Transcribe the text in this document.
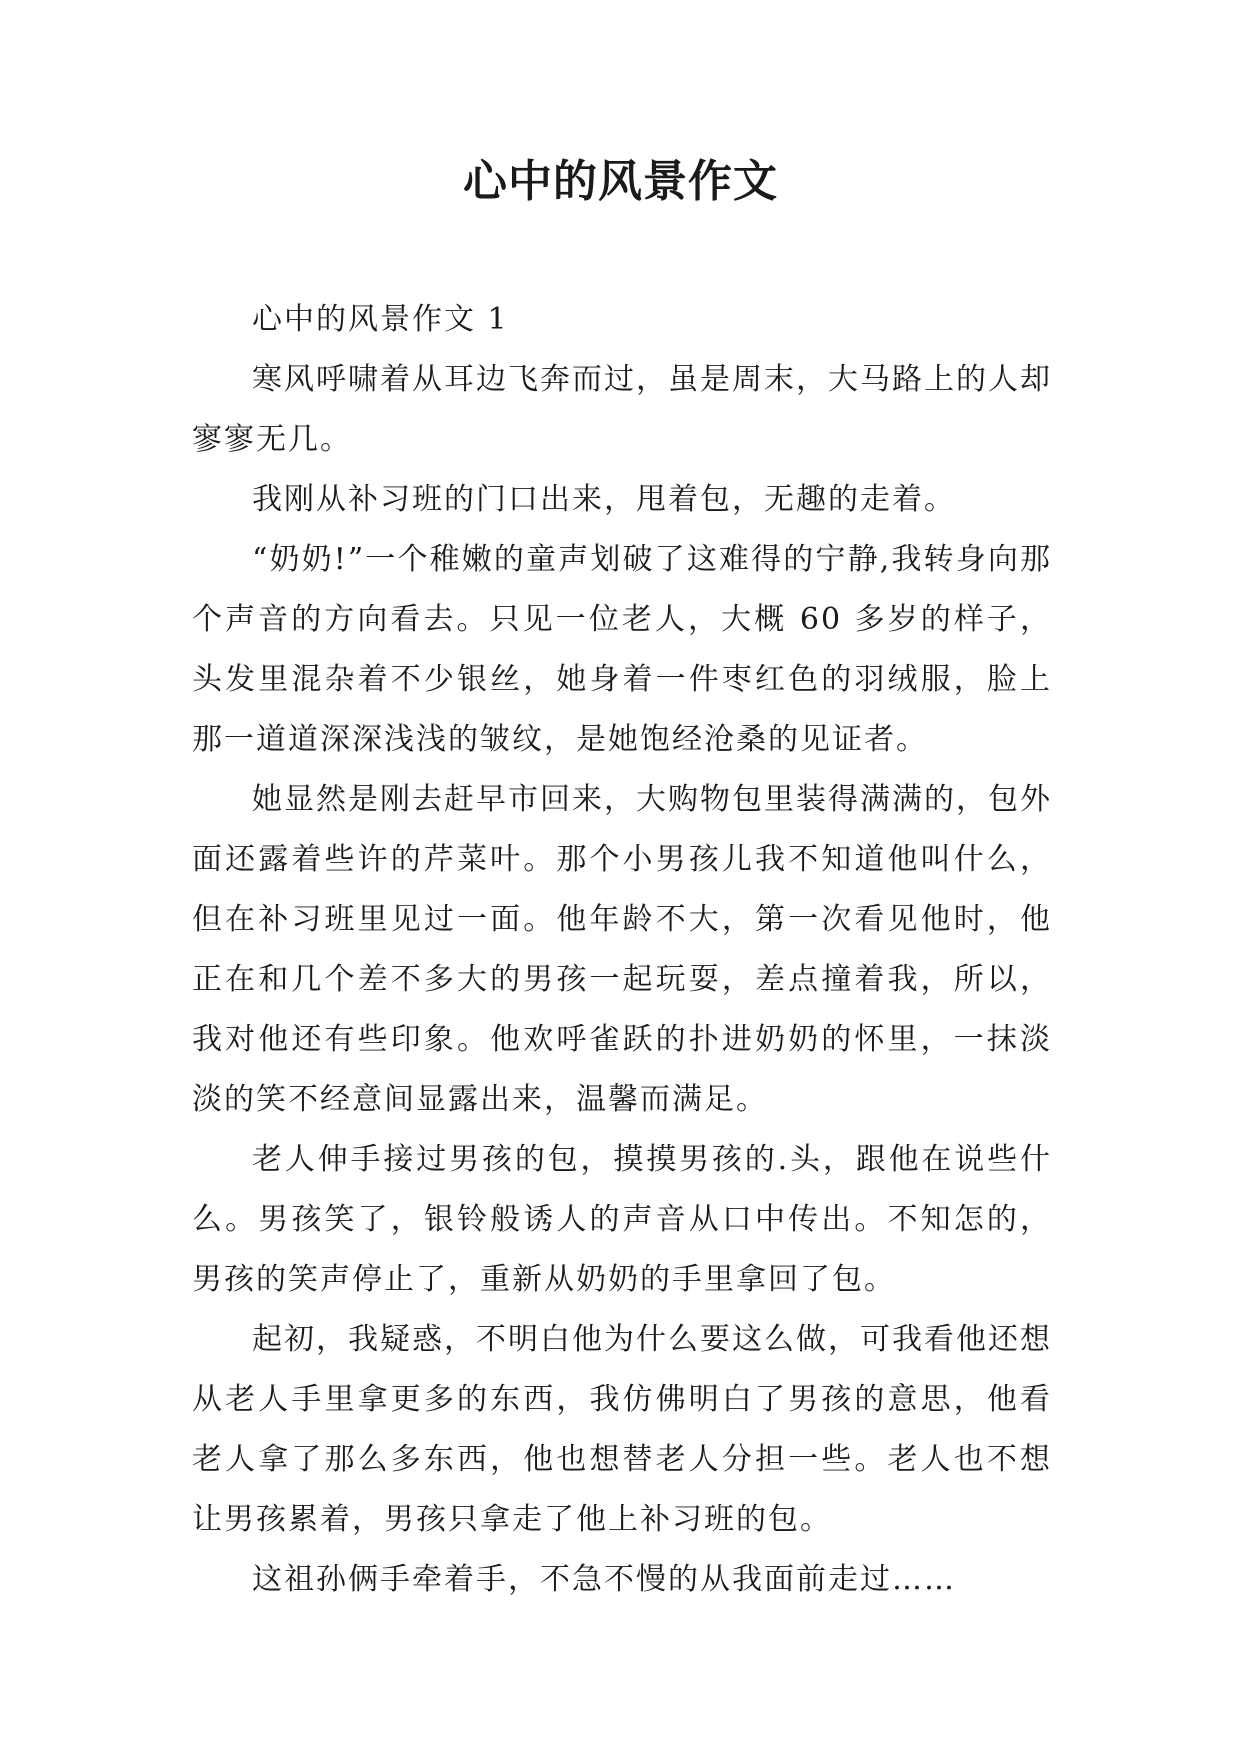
心中的风景作文

心中的风景作文 1

寒风呼啸着从耳边飞奔而过，虽是周末，大马路上的人却寥寥无几。

我刚从补习班的门口出来，甩着包，无趣的走着。

“奶奶!”一个稚嫩的童声划破了这难得的宁静,我转身向那个声音的方向看去。只见一位老人，大概 60 多岁的样子，头发里混杂着不少银丝，她身着一件枣红色的羽绒服，脸上那一道道深深浅浅的皱纹，是她饱经沧桑的见证者。

她显然是刚去赶早市回来，大购物包里装得满满的，包外面还露着些许的芹菜叶。那个小男孩儿我不知道他叫什么，但在补习班里见过一面。他年龄不大，第一次看见他时，他正在和几个差不多大的男孩一起玩耍，差点撞着我，所以，我对他还有些印象。他欢呼雀跃的扑进奶奶的怀里，一抹淡淡的笑不经意间显露出来，温馨而满足。

老人伸手接过男孩的包，摸摸男孩的.头，跟他在说些什么。男孩笑了，银铃般诱人的声音从口中传出。不知怎的，男孩的笑声停止了，重新从奶奶的手里拿回了包。

起初，我疑惑，不明白他为什么要这么做，可我看他还想从老人手里拿更多的东西，我仿佛明白了男孩的意思，他看老人拿了那么多东西，他也想替老人分担一些。老人也不想让男孩累着，男孩只拿走了他上补习班的包。

这祖孙俩手牵着手，不急不慢的从我面前走过……
